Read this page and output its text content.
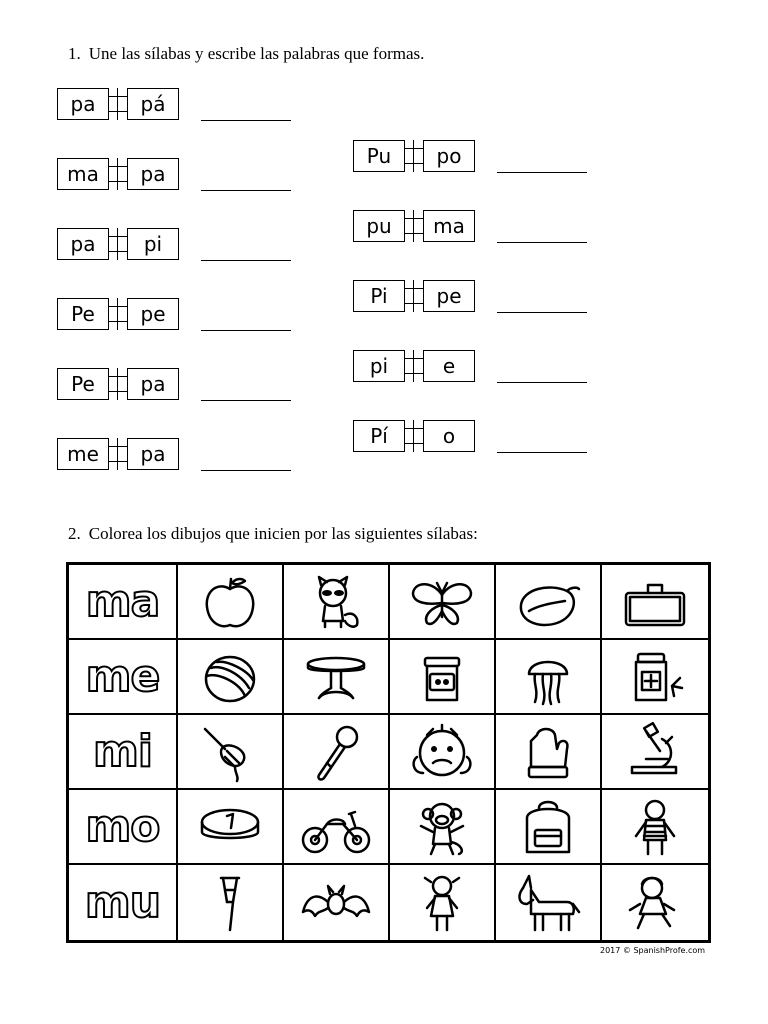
1. Une las sílabas y escribe las palabras que formas.
pa	pá
ma	pa
pa	pi
Pe	pe
Pe	pa
me	pa
Pu	po
pu	ma
Pi	pe
pi	e
Pí	o
2. Colorea los dibujos que inicien por las siguientes sílabas:
ma
me
mi
mo
mu
2017 © SpanishProfe.com
